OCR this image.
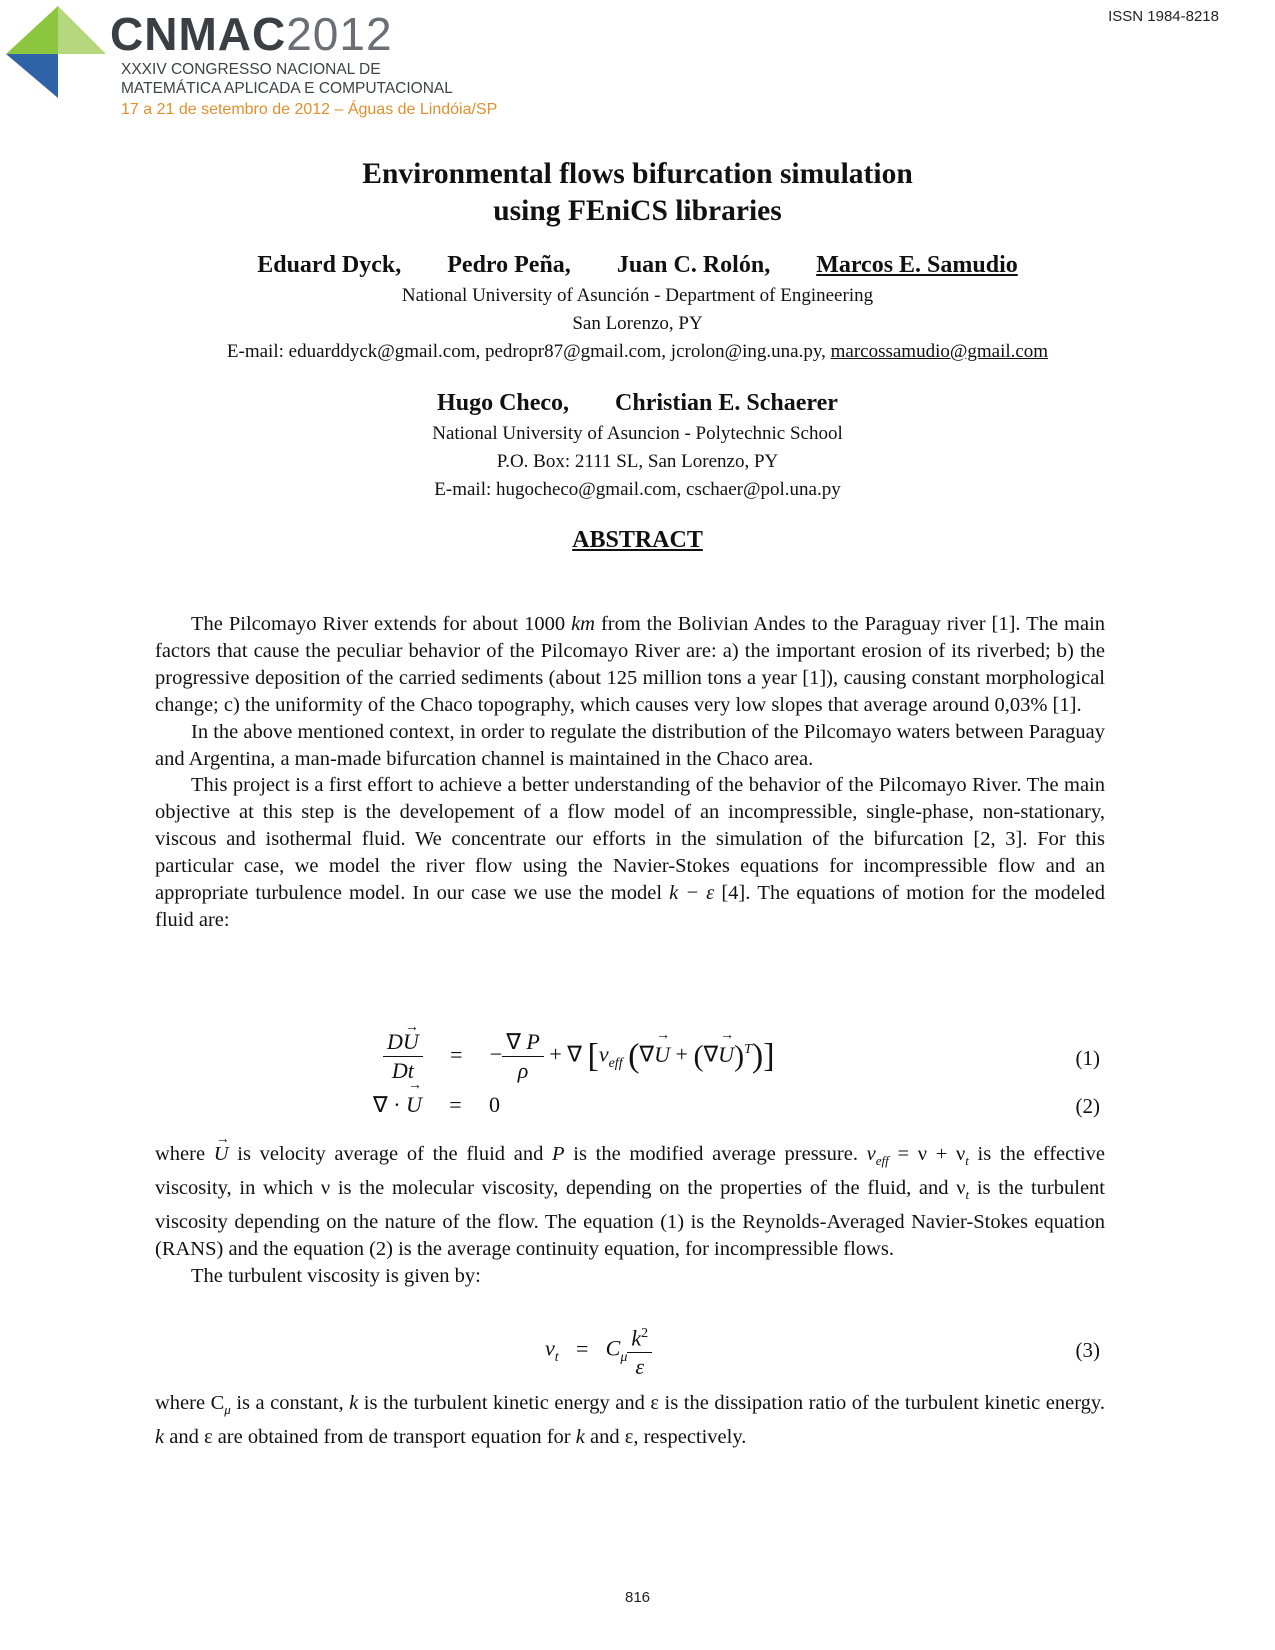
ISSN 1984-8218
CNMAC2012
XXXIV CONGRESSO NACIONAL DE
MATEMÁTICA APLICADA E COMPUTACIONAL
17 a 21 de setembro de 2012 – Águas de Lindóia/SP
Environmental flows bifurcation simulation
using FEniCS libraries
Eduard Dyck, Pedro Peña, Juan C. Rolón, Marcos E. Samudio
National University of Asunción - Department of Engineering
San Lorenzo, PY
E-mail: eduarddyck@gmail.com, pedropr87@gmail.com, jcrolon@ing.una.py, marcossamudio@gmail.com
Hugo Checo, Christian E. Schaerer
National University of Asuncion - Polytechnic School
P.O. Box: 2111 SL, San Lorenzo, PY
E-mail: hugocheco@gmail.com, cschaer@pol.una.py
ABSTRACT

The Pilcomayo River extends for about 1000 km from the Bolivian Andes to the Paraguay river [1]. The main factors that cause the peculiar behavior of the Pilcomayo River are: a) the important erosion of its riverbed; b) the progressive deposition of the carried sediments (about 125 million tons a year [1]), causing constant morphological change; c) the uniformity of the Chaco topography, which causes very low slopes that average around 0,03% [1].

In the above mentioned context, in order to regulate the distribution of the Pilcomayo waters between Paraguay and Argentina, a man-made bifurcation channel is maintained in the Chaco area.

This project is a first effort to achieve a better understanding of the behavior of the Pilcomayo River. The main objective at this step is the developement of a flow model of an incompressible, single-phase, non-stationary, viscous and isothermal fluid. We concentrate our efforts in the simulation of the bifurcation [2, 3]. For this particular case, we model the river flow using the Navier-Stokes equations for incompressible flow and an appropriate turbulence model. In our case we use the model k − ε [4]. The equations of motion for the modeled fluid are:

$\frac{D\to U}{Dt}$ = − $\frac{\nabla P}{\rho}$ + ∇ [$\nu_{eff}$ (∇→ U + (∇→ U)$^T$)]	(1)
∇ · → U = 0	(2)

where → U is velocity average of the fluid and P is the modified average pressure. $\nu_{eff} = \nu + \nu_t$ is the effective viscosity, in which ν is the molecular viscosity, depending on the properties of the fluid, and $\nu_t$ is the turbulent viscosity depending on the nature of the flow. The equation (1) is the Reynolds-Averaged Navier-Stokes equation (RANS) and the equation (2) is the average continuity equation, for incompressible flows.

The turbulent viscosity is given by:

$\nu_t = C_\mu \frac{k^2}{\varepsilon}$	(3)

where $C_\mu$ is a constant, k is the turbulent kinetic energy and ε is the dissipation ratio of the turbulent kinetic energy. k and ε are obtained from de transport equation for k and ε, respectively.

816
